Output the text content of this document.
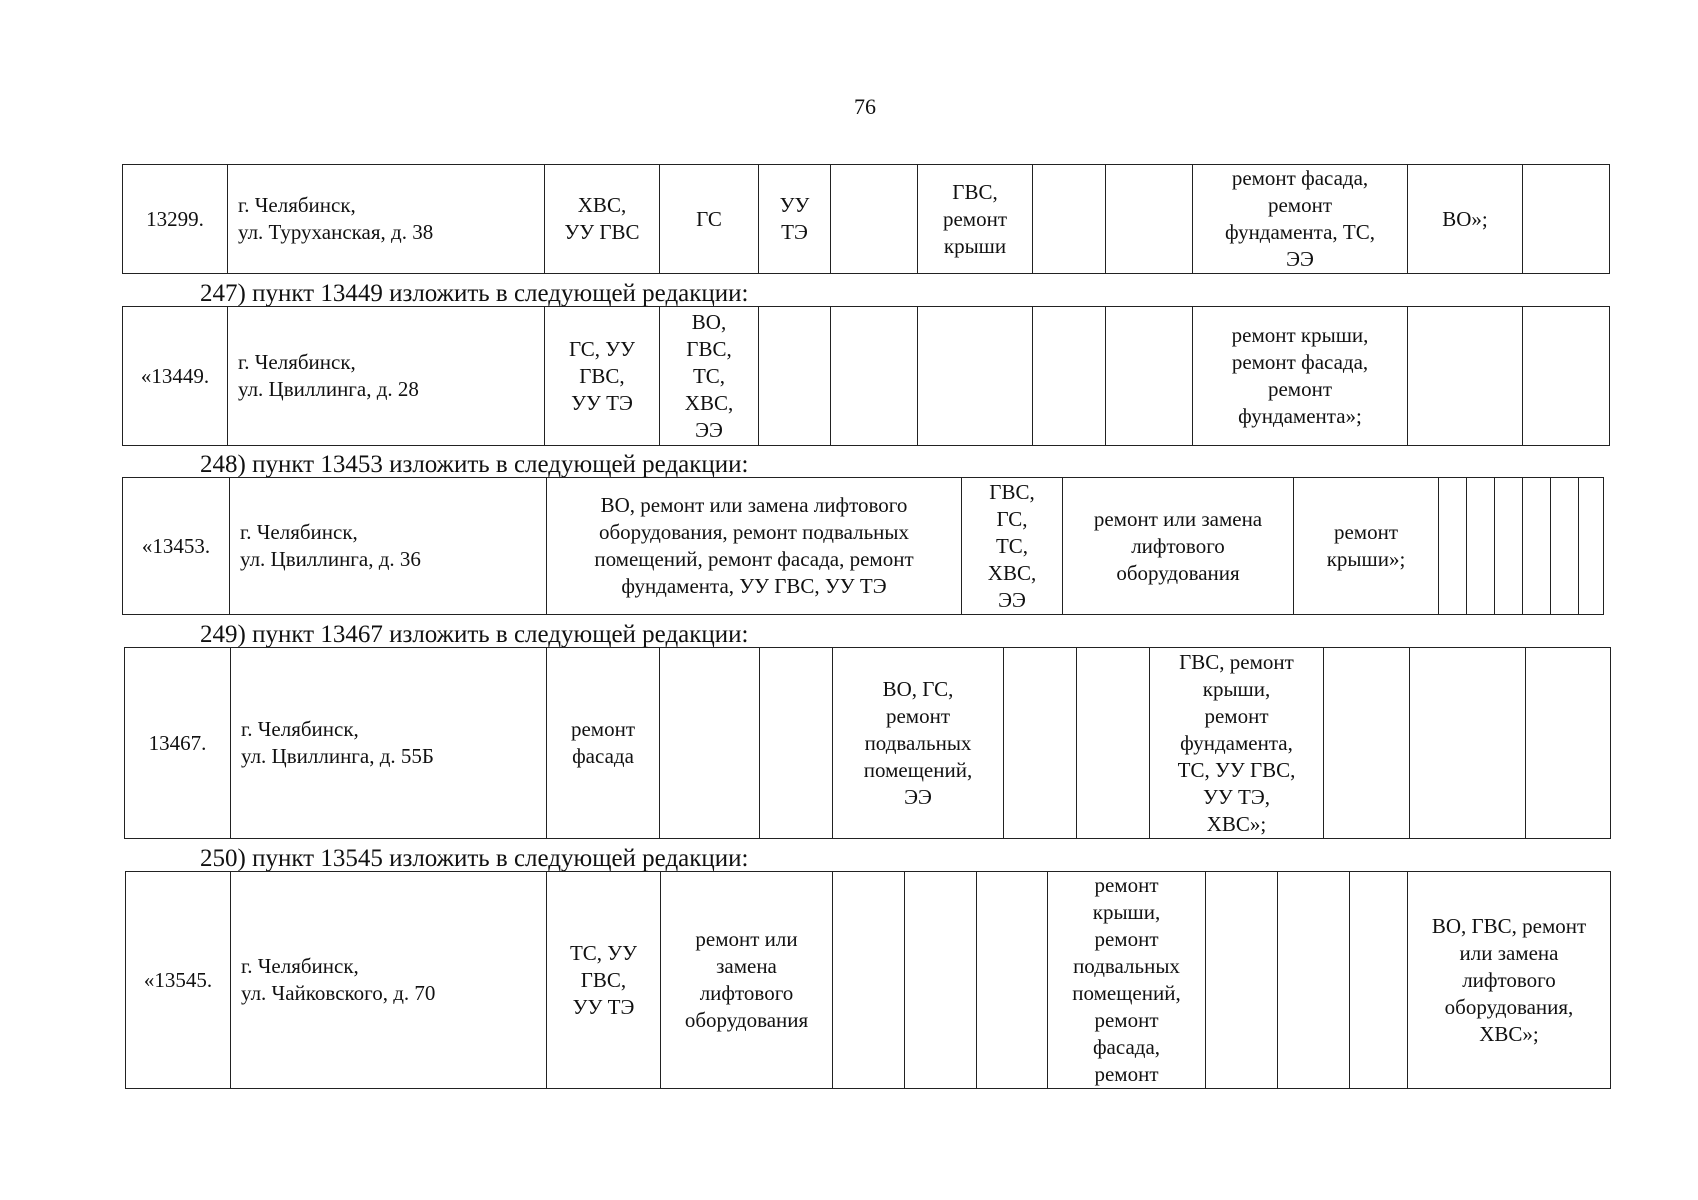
76
13299.
г. Челябинск,
ул. Туруханская, д. 38
ХВС,
УУ ГВС
ГС
УУ
ТЭ
ГВС,
ремонт
крыши
ремонт фасада,
ремонт
фундамента, ТС,
ЭЭ
ВО»;
247) пункт 13449 изложить в следующей редакции:
«13449.
г. Челябинск,
ул. Цвиллинга, д. 28
ГС, УУ
ГВС,
УУ ТЭ
ВО,
ГВС,
ТС,
ХВС,
ЭЭ
ремонт крыши,
ремонт фасада,
ремонт
фундамента»;
248) пункт 13453 изложить в следующей редакции:
«13453.
г. Челябинск,
ул. Цвиллинга, д. 36
ВО, ремонт или замена лифтового
оборудования, ремонт подвальных
помещений, ремонт фасада, ремонт
фундамента, УУ ГВС, УУ ТЭ
ГВС,
ГС,
ТС,
ХВС,
ЭЭ
ремонт или замена
лифтового
оборудования
ремонт
крыши»;
249) пункт 13467 изложить в следующей редакции:
13467.
г. Челябинск,
ул. Цвиллинга, д. 55Б
ремонт
фасада
ВО, ГС,
ремонт
подвальных
помещений,
ЭЭ
ГВС, ремонт
крыши,
ремонт
фундамента,
ТС, УУ ГВС,
УУ ТЭ,
ХВС»;
250) пункт 13545 изложить в следующей редакции:
«13545.
г. Челябинск,
ул. Чайковского, д. 70
ТС, УУ
ГВС,
УУ ТЭ
ремонт или
замена
лифтового
оборудования
ремонт
крыши,
ремонт
подвальных
помещений,
ремонт
фасада,
ремонт
ВО, ГВС, ремонт
или замена
лифтового
оборудования,
ХВС»;
